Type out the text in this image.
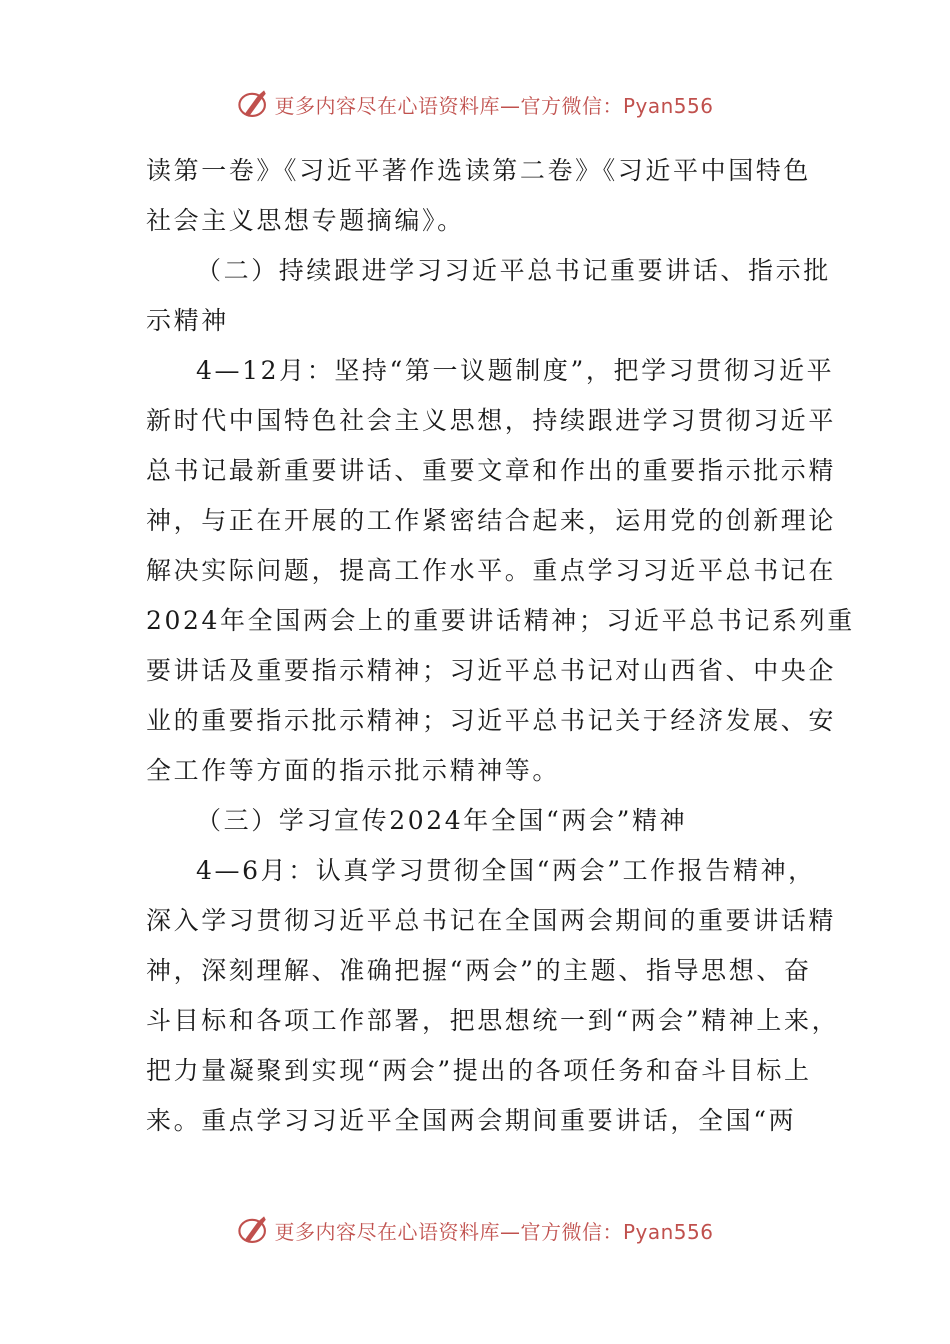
更多内容尽在心语资料库—官方微信：Pyan556
读第一卷》《习近平著作选读第二卷》《习近平中国特色
社会主义思想专题摘编》。
（二）持续跟进学习习近平总书记重要讲话、指示批
示精神
4—12月：坚持“第一议题制度”，把学习贯彻习近平
新时代中国特色社会主义思想，持续跟进学习贯彻习近平
总书记最新重要讲话、重要文章和作出的重要指示批示精
神，与正在开展的工作紧密结合起来，运用党的创新理论
解决实际问题，提高工作水平。重点学习习近平总书记在
2024年全国两会上的重要讲话精神；习近平总书记系列重
要讲话及重要指示精神；习近平总书记对山西省、中央企
业的重要指示批示精神；习近平总书记关于经济发展、安
全工作等方面的指示批示精神等。
（三）学习宣传2024年全国“两会”精神
4—6月：认真学习贯彻全国“两会”工作报告精神，
深入学习贯彻习近平总书记在全国两会期间的重要讲话精
神，深刻理解、准确把握“两会”的主题、指导思想、奋
斗目标和各项工作部署，把思想统一到“两会”精神上来，
把力量凝聚到实现“两会”提出的各项任务和奋斗目标上
来。重点学习习近平全国两会期间重要讲话，全国“两
更多内容尽在心语资料库—官方微信：Pyan556
